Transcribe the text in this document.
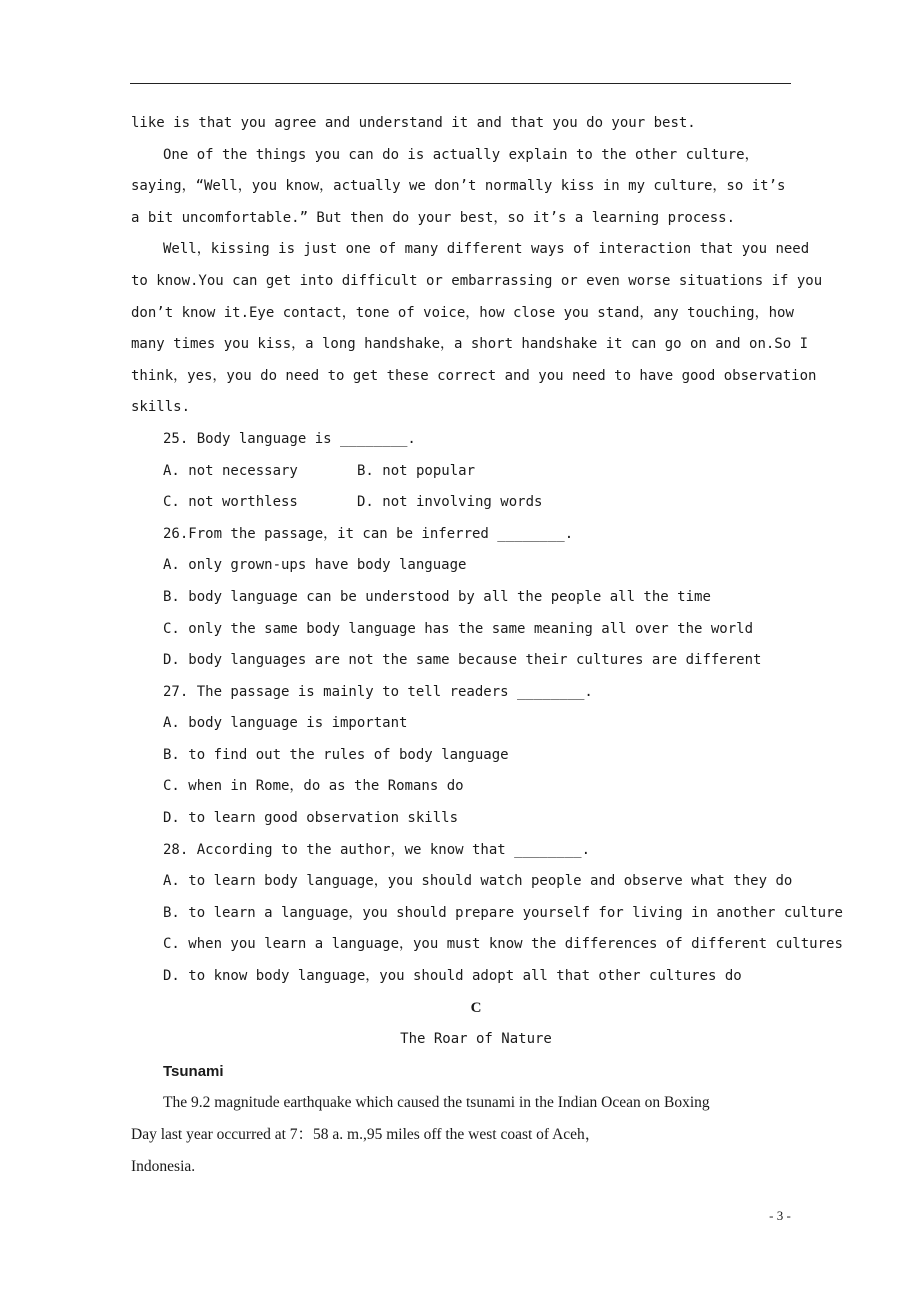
like is that you agree and understand it and that you do your best.
One of the things you can do is actually explain to the other culture，
saying，“Well，you know，actually we don’t normally kiss in my culture，so it’s
a bit uncomfortable.” But then do your best，so it’s a learning process.
Well，kissing is just one of many different ways of interaction that you need
to know.You can get into difficult or embarrassing or even worse situations if you
don’t know it.Eye contact，tone of voice，how close you stand，any touching，how
many times you kiss，a long handshake，a short handshake it can go on and on.So I
think，yes，you do need to get these correct and you need to have good observation
skills.
25. Body language is ________.
A. not necessary	B. not popular
C. not worthless	D. not involving words
26.From the passage，it can be inferred ________.
A. only grown-ups have body language
B. body language can be understood by all the people all the time
C. only the same body language has the same meaning all over the world
D. body languages are not the same because their cultures are different
27. The passage is mainly to tell readers ________.
A. body language is important
B. to find out the rules of body language
C. when in Rome，do as the Romans do
D. to learn good observation skills
28. According to the author，we know that ________.
A. to learn body language，you should watch people and observe what they do
B. to learn a language，you should prepare yourself for living in another culture
C. when you learn a language，you must know the differences of different cultures
D. to know body language，you should adopt all that other cultures do
C
The Roar of Nature
Tsunami
The 9.2 magnitude earthquake which caused the tsunami in the Indian Ocean on Boxing
Day last year occurred at 7：58 a. m.,95 miles off the west coast of Aceh，
Indonesia.
- 3 -
